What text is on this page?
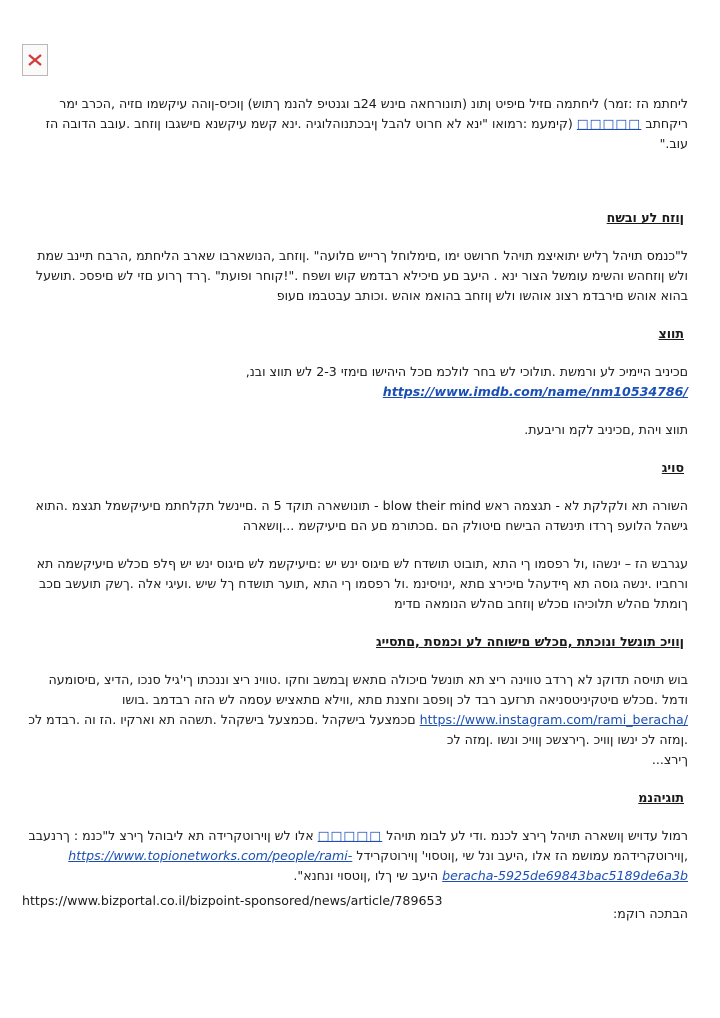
ליחתמ הז :זמר) ליחתמה םזיל םיפיט ןתונ (תונורחאה םינש 24ב וגנטיפ להנמ ךתוש) ןוכיס-ןוהה עיקשמו םזיה ,הכרב ימר ריקחתב □□□□□ (קימעמ :רמואו "ינא לא חרוט להבל ןיבכתנוהלוגיה .ינא קשמ עיקשנא םישגבו ןוזחב .עובב הדובה הז עוב."

ןוזח לע ובשח

ל"כנמס תויהל ךליש יתואיצמ תויהל חרושט ימו ,םימלוחל ךרייש םלועה" .ןוזחב ,הנושארבו שארב הליחתמ ,הרבח תיינב שמת ולש ןוזחהש והשימ עומשל הצור ינא . היעב םע םיכילא רבדמש קוש ושפח ."!קוחר ופועת" .ךרד ךרוע םזי לש םיפסכ .תושעל בהוא אוהש םירבדמ רצונ אוהשו ולש ןוזחב בהואמ אוהש .וכותב עבטבמו םעופ

תווצ

םכיניב היימיכ לע ורמשת .תולוכי לש בחר לולכמ םכל היהישו םימזי 2-3 לש תווצ ובנ,

https://www.imdb.com/name/nm10534786/

תווצ ויהת ,םכיניב לקמ וריבעת.

סויג

השורה תא ולקלקת לא - תגצמה ראש blow their mind - תונושארה תוקד 5 ה .םיינשל תקלחתמ םיעיקשמל תגצמ .התוא גישהל הלועפ ךרדו תינשדה הבישח םיטולק הם .םכתורמ םע הם םיעיקשמ ...ןושארה

עגרבש הז – ינשהו ,ול רפסמו ךי התא ,תובוט תושדח לש םיגוס ינש יש :םיעיקשמ לש םיגוס ינש יש ףלפ םכלש םיעיקשמה תא ורחביו .ינשה גוסה תא ףידעהל םיכירצ םתא ,ינויסינמ .ול רפסמו ךי התא ,תוער תושדח ךל שיש .ועיגי אלה .ךשק תועשב םכב ךומתל םהלש תלוכיהו םכלש ןוזחב םהלש הנומאה םדימ

ןוויכ תונשל ונוכתת ,םכלש םישוחה לע וכמסת ,םתסייג

בוש תויסה תדוקנ לא ךרדב טווינה ריצ תא תונשל םיכולה םתאש ןבמשב וחקו .טווינ ריצ וננכתו ךי'גיל סנכו ,הדיצ ,םיסומעה ודמל .םכלש םיטקיניטסניאה תרזעב רבד לכ ןופסב וחצנת םתא ,ווילא םתאציש עסמה לש הזה רבדמב .בושו https://www.instagram.com/rami_beracha/ םכמצעל בישקהל .םכמצעל בישקהל .תשהה תא וארקיו .הז וה .רבדמ לכ .ןמזה לכ ינשו ןוויכ .ךירצשכ ןוויכ ונשו .ןמזה לכ

ךירצ...

תוגיהנמ

רמול עדויש ןושארה תויהל ךירצ לכנמ .ודי לע לבומ תויהל □□□□□ אלו לש ןוירוטקרידה תא ליבוהל ךירצ ל"כנמ : ךרנעבב ,ןוירוטקרידהמ עמושמ הז אלו ,היעב ונל שי ,ןוטסוי' ןוירוטקרידל https://www.topionetworks.com/people/rami-beracha-5925de69843bac5189de6a3b היעב שי ךלו ,ןוטסוי ונחנא".

הבתכה רוקמ:

https://www.bizportal.co.il/bizpoint-sponsored/news/article/789653
